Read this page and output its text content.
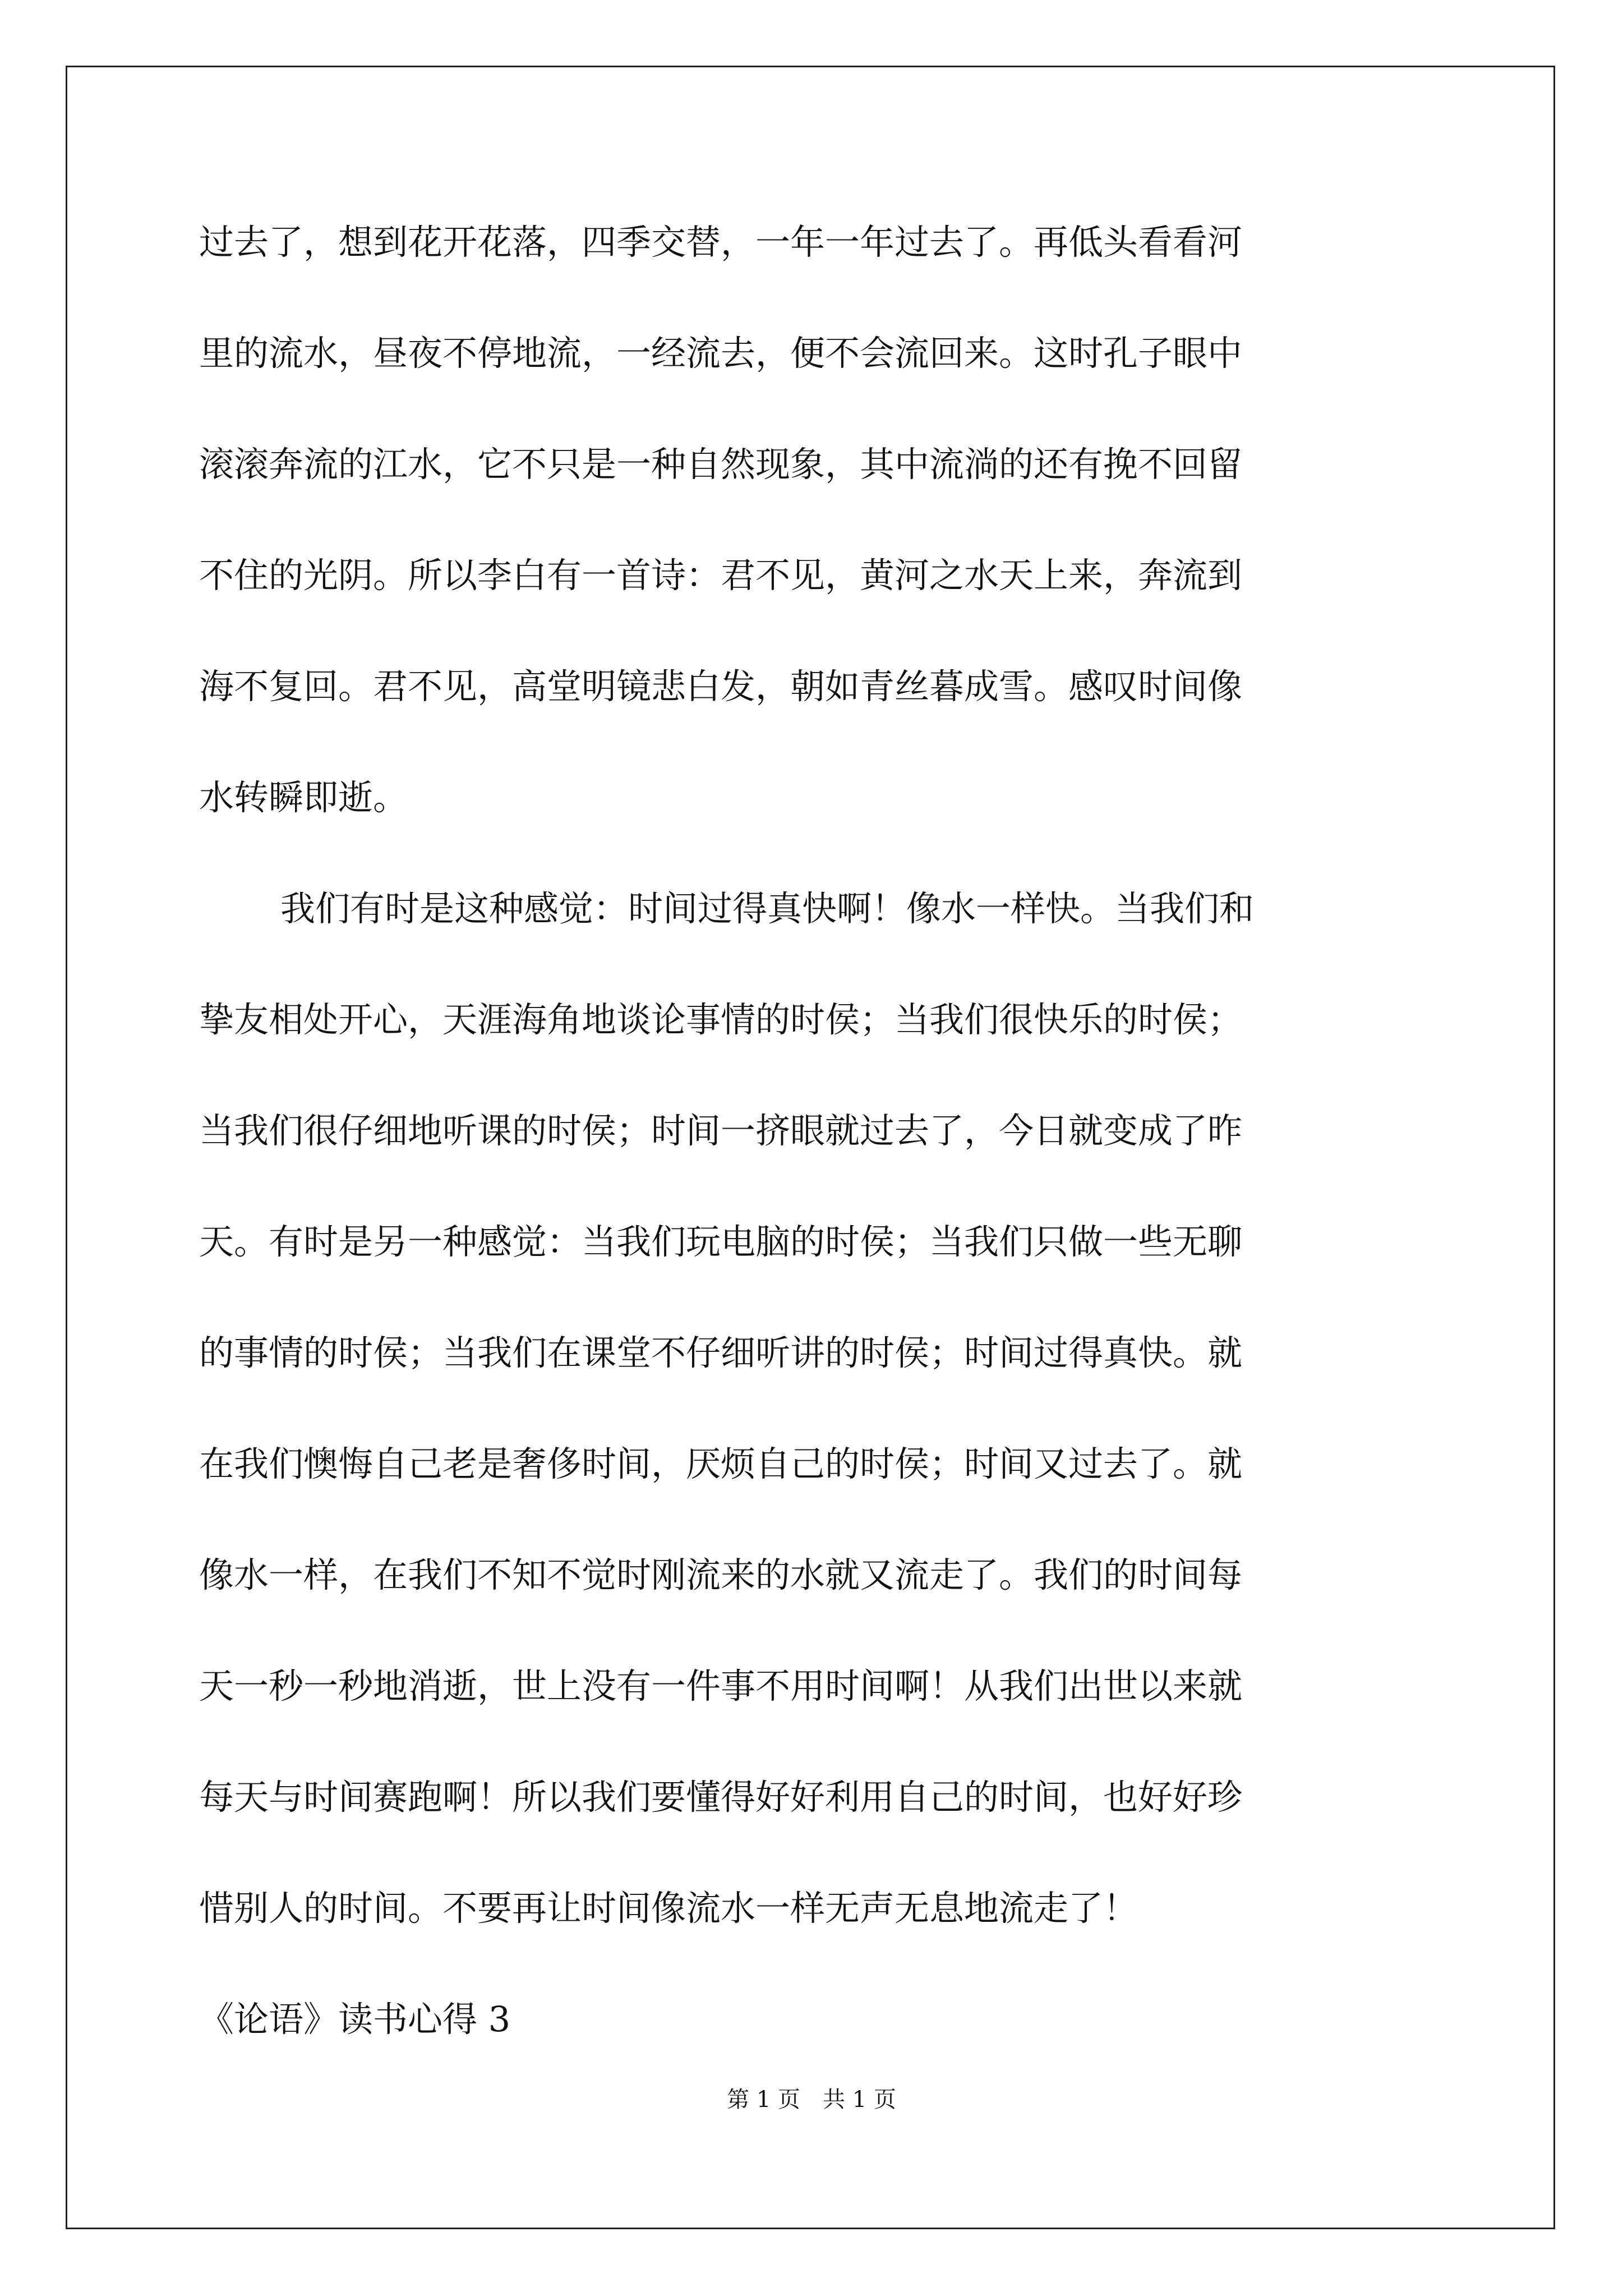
过去了，想到花开花落，四季交替，一年一年过去了。再低头看看河
里的流水，昼夜不停地流，一经流去，便不会流回来。这时孔子眼中
滚滚奔流的江水，它不只是一种自然现象，其中流淌的还有挽不回留
不住的光阴。所以李白有一首诗：君不见，黄河之水天上来，奔流到
海不复回。君不见，高堂明镜悲白发，朝如青丝暮成雪。感叹时间像
水转瞬即逝。
我们有时是这种感觉：时间过得真快啊！像水一样快。当我们和
挚友相处开心，天涯海角地谈论事情的时侯；当我们很快乐的时侯；
当我们很仔细地听课的时侯；时间一挤眼就过去了，今日就变成了昨
天。有时是另一种感觉：当我们玩电脑的时侯；当我们只做一些无聊
的事情的时侯；当我们在课堂不仔细听讲的时侯；时间过得真快。就
在我们懊悔自己老是奢侈时间，厌烦自己的时侯；时间又过去了。就
像水一样，在我们不知不觉时刚流来的水就又流走了。我们的时间每
天一秒一秒地消逝，世上没有一件事不用时间啊！从我们出世以来就
每天与时间赛跑啊！所以我们要懂得好好利用自己的时间，也好好珍
惜别人的时间。不要再让时间像流水一样无声无息地流走了！
《论语》读书心得 3
第 1 页　共 1 页
